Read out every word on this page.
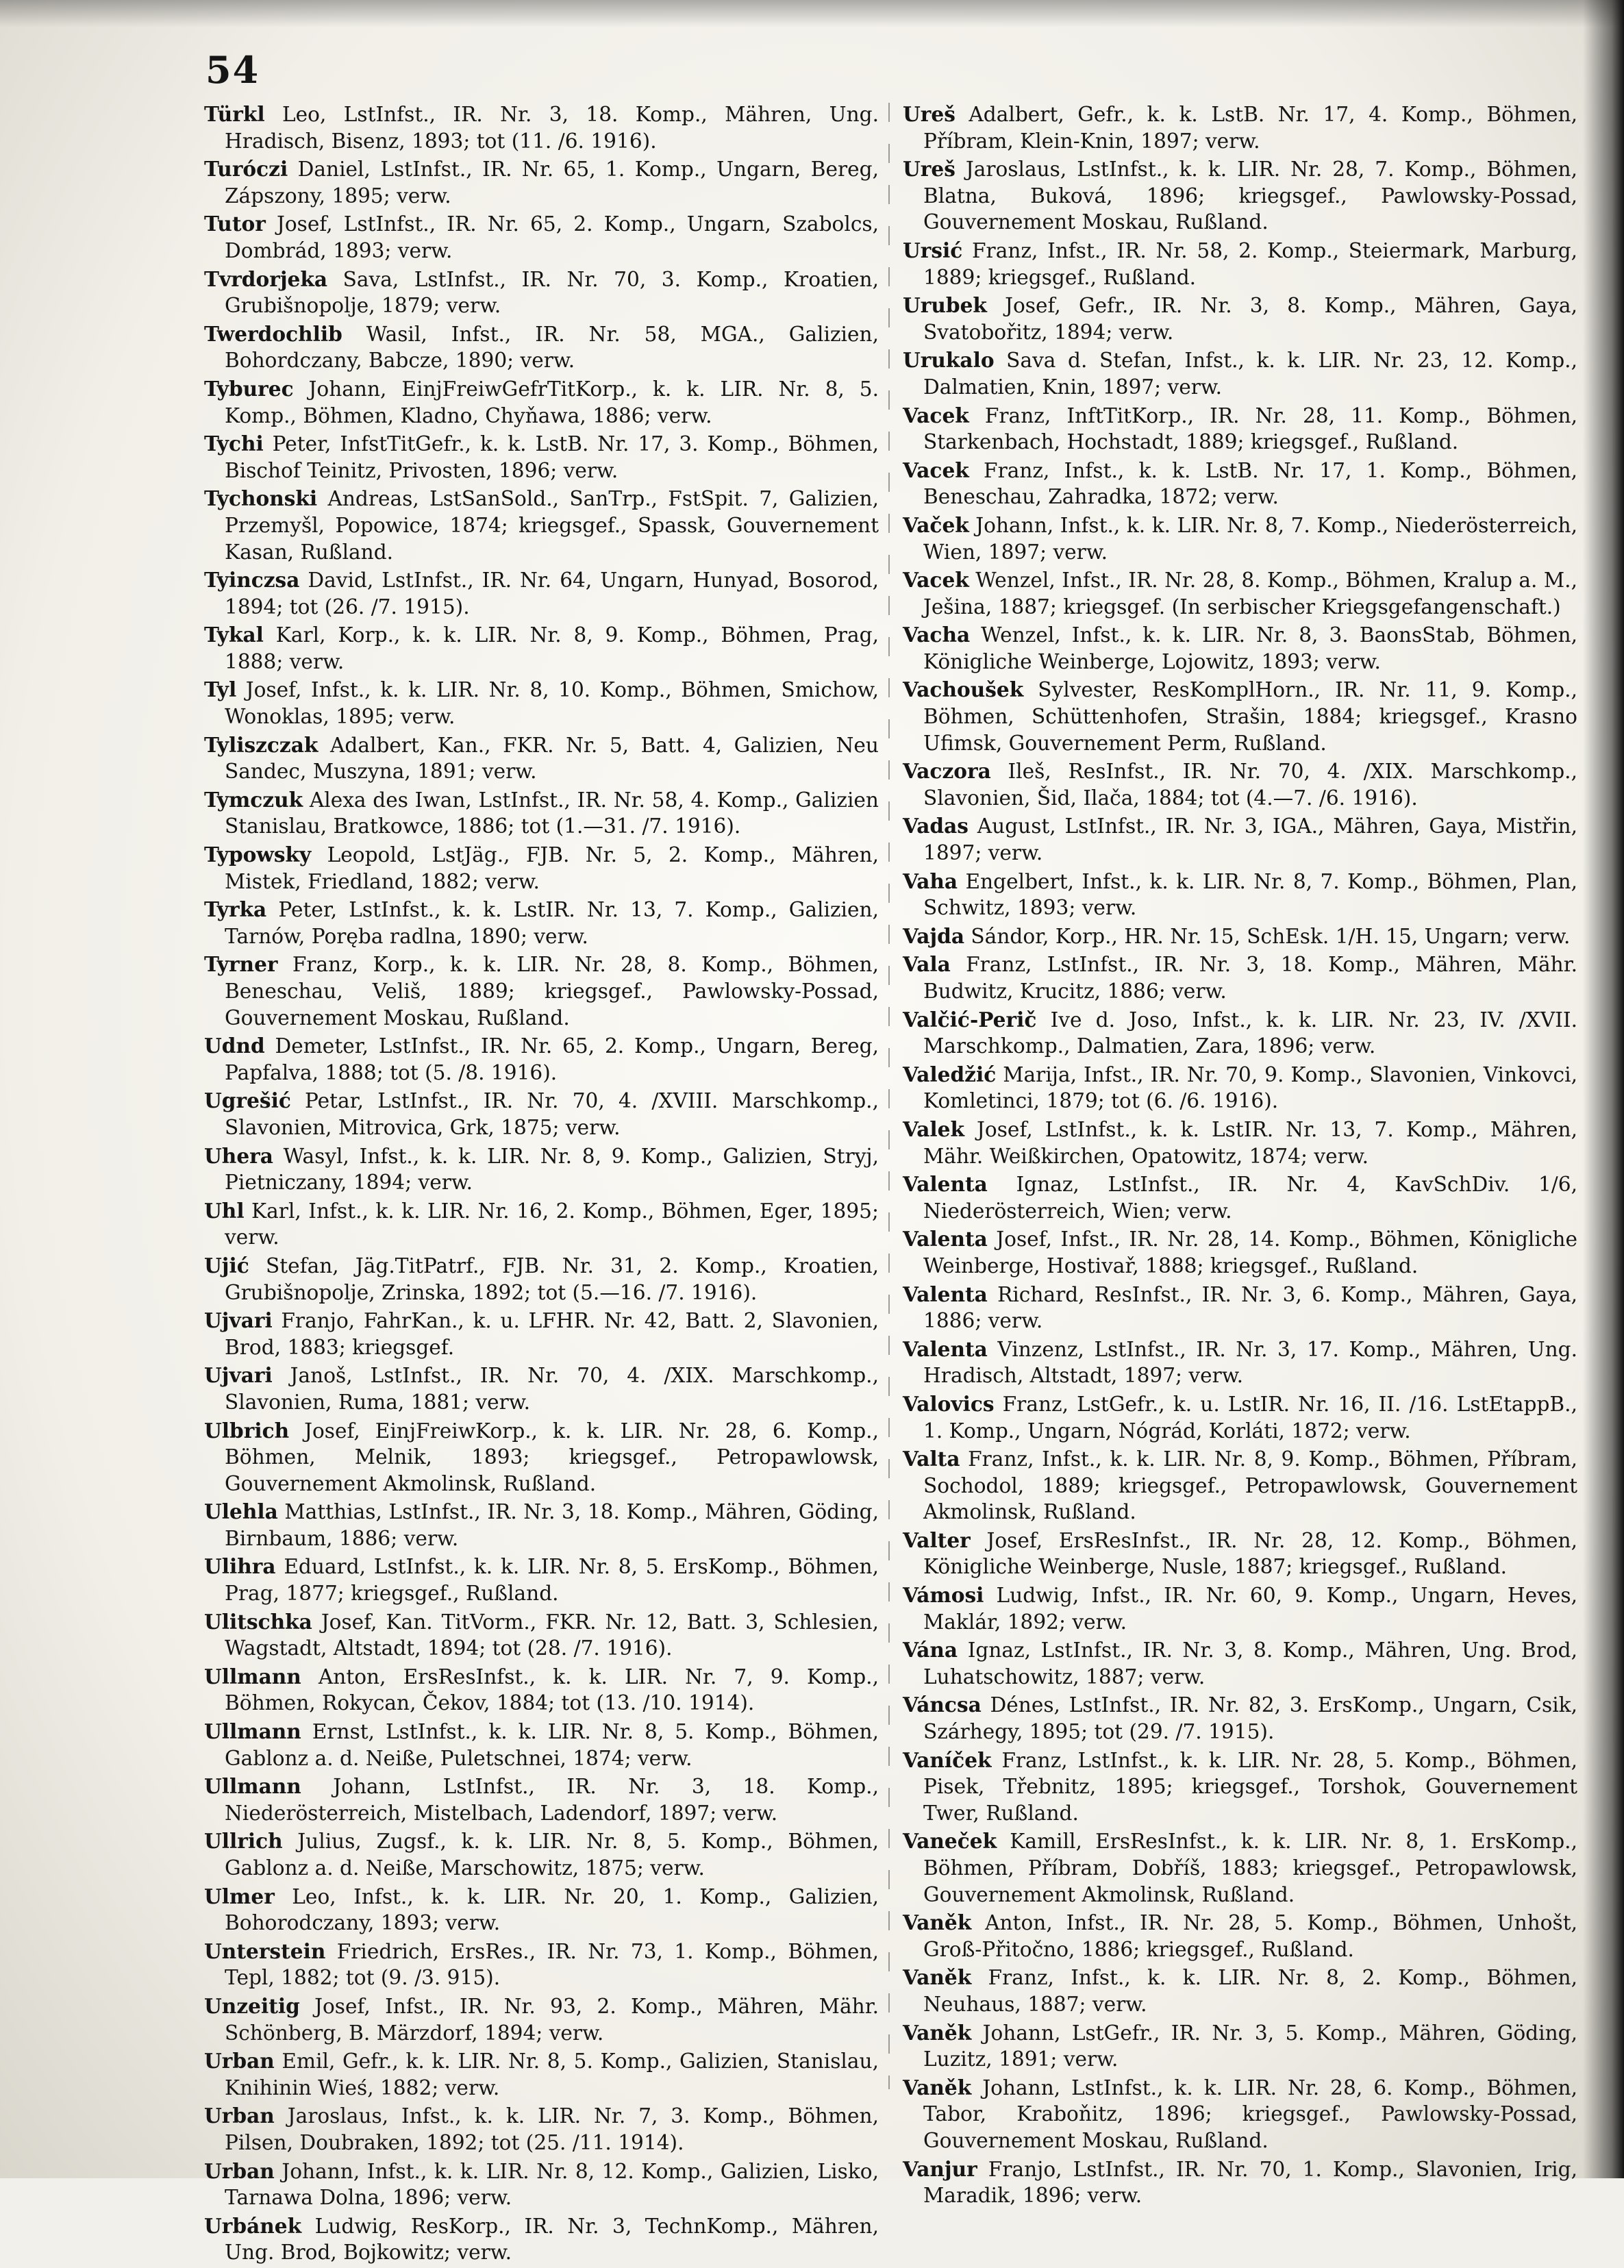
54

Türkl Leo, LstInfst., IR. Nr. 3, 18. Komp., Mähren, Ung. Hradisch, Bisenz, 1893; tot (11. /6. 1916).

Turóczi Daniel, LstInfst., IR. Nr. 65, 1. Komp., Ungarn, Bereg, Zápszony, 1895; verw.

Tutor Josef, LstInfst., IR. Nr. 65, 2. Komp., Ungarn, Szabolcs, Dombrád, 1893; verw.

Tvrdorjeka Sava, LstInfst., IR. Nr. 70, 3. Komp., Kroatien, Grubišnopolje, 1879; verw.

Twerdochlib Wasil, Infst., IR. Nr. 58, MGA., Galizien, Bohordczany, Babcze, 1890; verw.

Tyburec Johann, EinjFreiwGefrTitKorp., k. k. LIR. Nr. 8, 5. Komp., Böhmen, Kladno, Chyňawa, 1886; verw.

Tychi Peter, InfstTitGefr., k. k. LstB. Nr. 17, 3. Komp., Böhmen, Bischof Teinitz, Privosten, 1896; verw.

Tychonski Andreas, LstSanSold., SanTrp., FstSpit. 7, Galizien, Przemyšl, Popowice, 1874; kriegsgef., Spassk, Gouvernement Kasan, Rußland.

Tyinczsa David, LstInfst., IR. Nr. 64, Ungarn, Hunyad, Bosorod, 1894; tot (26. /7. 1915).

Tykal Karl, Korp., k. k. LIR. Nr. 8, 9. Komp., Böhmen, Prag, 1888; verw.

Tyl Josef, Infst., k. k. LIR. Nr. 8, 10. Komp., Böhmen, Smichow, Wonoklas, 1895; verw.

Tyliszczak Adalbert, Kan., FKR. Nr. 5, Batt. 4, Galizien, Neu Sandec, Muszyna, 1891; verw.

Tymczuk Alexa des Iwan, LstInfst., IR. Nr. 58, 4. Komp., Galizien Stanislau, Bratkowce, 1886; tot (1.—31. /7. 1916).

Typowsky Leopold, LstJäg., FJB. Nr. 5, 2. Komp., Mähren, Mistek, Friedland, 1882; verw.

Tyrka Peter, LstInfst., k. k. LstIR. Nr. 13, 7. Komp., Galizien, Tarnów, Poręba radlna, 1890; verw.

Tyrner Franz, Korp., k. k. LIR. Nr. 28, 8. Komp., Böhmen, Beneschau, Veliš, 1889; kriegsgef., Pawlowsky-Possad, Gouvernement Moskau, Rußland.

Udnd Demeter, LstInfst., IR. Nr. 65, 2. Komp., Ungarn, Bereg, Papfalva, 1888; tot (5. /8. 1916).

Ugrešić Petar, LstInfst., IR. Nr. 70, 4. /XVIII. Marschkomp., Slavonien, Mitrovica, Grk, 1875; verw.

Uhera Wasyl, Infst., k. k. LIR. Nr. 8, 9. Komp., Galizien, Stryj, Pietniczany, 1894; verw.

Uhl Karl, Infst., k. k. LIR. Nr. 16, 2. Komp., Böhmen, Eger, 1895; verw.

Ujić Stefan, Jäg.TitPatrf., FJB. Nr. 31, 2. Komp., Kroatien, Grubišnopolje, Zrinska, 1892; tot (5.—16. /7. 1916).

Ujvari Franjo, FahrKan., k. u. LFHR. Nr. 42, Batt. 2, Slavonien, Brod, 1883; kriegsgef.

Ujvari Janoš, LstInfst., IR. Nr. 70, 4. /XIX. Marschkomp., Slavonien, Ruma, 1881; verw.

Ulbrich Josef, EinjFreiwKorp., k. k. LIR. Nr. 28, 6. Komp., Böhmen, Melnik, 1893; kriegsgef., Petropawlowsk, Gouvernement Akmolinsk, Rußland.

Ulehla Matthias, LstInfst., IR. Nr. 3, 18. Komp., Mähren, Göding, Birnbaum, 1886; verw.

Ulihra Eduard, LstInfst., k. k. LIR. Nr. 8, 5. ErsKomp., Böhmen, Prag, 1877; kriegsgef., Rußland.

Ulitschka Josef, Kan. TitVorm., FKR. Nr. 12, Batt. 3, Schlesien, Wagstadt, Altstadt, 1894; tot (28. /7. 1916).

Ullmann Anton, ErsResInfst., k. k. LIR. Nr. 7, 9. Komp., Böhmen, Rokycan, Čekov, 1884; tot (13. /10. 1914).

Ullmann Ernst, LstInfst., k. k. LIR. Nr. 8, 5. Komp., Böhmen, Gablonz a. d. Neiße, Puletschnei, 1874; verw.

Ullmann Johann, LstInfst., IR. Nr. 3, 18. Komp., Niederösterreich, Mistelbach, Ladendorf, 1897; verw.

Ullrich Julius, Zugsf., k. k. LIR. Nr. 8, 5. Komp., Böhmen, Gablonz a. d. Neiße, Marschowitz, 1875; verw.

Ulmer Leo, Infst., k. k. LIR. Nr. 20, 1. Komp., Galizien, Bohorodczany, 1893; verw.

Unterstein Friedrich, ErsRes., IR. Nr. 73, 1. Komp., Böhmen, Tepl, 1882; tot (9. /3. 915).

Unzeitig Josef, Infst., IR. Nr. 93, 2. Komp., Mähren, Mähr. Schönberg, B. Märzdorf, 1894; verw.

Urban Emil, Gefr., k. k. LIR. Nr. 8, 5. Komp., Galizien, Stanislau, Knihinin Wieś, 1882; verw.

Urban Jaroslaus, Infst., k. k. LIR. Nr. 7, 3. Komp., Böhmen, Pilsen, Doubraken, 1892; tot (25. /11. 1914).

Urban Johann, Infst., k. k. LIR. Nr. 8, 12. Komp., Galizien, Lisko, Tarnawa Dolna, 1896; verw.

Urbánek Ludwig, ResKorp., IR. Nr. 3, TechnKomp., Mähren, Ung. Brod, Bojkowitz; verw.

Ureš Adalbert, Gefr., k. k. LstB. Nr. 17, 4. Komp., Böhmen, Příbram, Klein-Knin, 1897; verw.

Ureš Jaroslaus, LstInfst., k. k. LIR. Nr. 28, 7. Komp., Böhmen, Blatna, Buková, 1896; kriegsgef., Pawlowsky-Possad, Gouvernement Moskau, Rußland.

Ursić Franz, Infst., IR. Nr. 58, 2. Komp., Steiermark, Marburg, 1889; kriegsgef., Rußland.

Urubek Josef, Gefr., IR. Nr. 3, 8. Komp., Mähren, Gaya, Svatobořitz, 1894; verw.

Urukalo Sava d. Stefan, Infst., k. k. LIR. Nr. 23, 12. Komp., Dalmatien, Knin, 1897; verw.

Vacek Franz, InftTitKorp., IR. Nr. 28, 11. Komp., Böhmen, Starkenbach, Hochstadt, 1889; kriegsgef., Rußland.

Vacek Franz, Infst., k. k. LstB. Nr. 17, 1. Komp., Böhmen, Beneschau, Zahradka, 1872; verw.

Vaček Johann, Infst., k. k. LIR. Nr. 8, 7. Komp., Niederösterreich, Wien, 1897; verw.

Vacek Wenzel, Infst., IR. Nr. 28, 8. Komp., Böhmen, Kralup a. M., Ješina, 1887; kriegsgef. (In serbischer Kriegsgefangenschaft.)

Vacha Wenzel, Infst., k. k. LIR. Nr. 8, 3. BaonsStab, Böhmen, Königliche Weinberge, Lojowitz, 1893; verw.

Vachoušek Sylvester, ResKomplHorn., IR. Nr. 11, 9. Komp., Böhmen, Schüttenhofen, Strašin, 1884; kriegsgef., Krasno Ufimsk, Gouvernement Perm, Rußland.

Vaczora Ileš, ResInfst., IR. Nr. 70, 4. /XIX. Marschkomp., Slavonien, Šid, Ilača, 1884; tot (4.—7. /6. 1916).

Vadas August, LstInfst., IR. Nr. 3, IGA., Mähren, Gaya, Mistřin, 1897; verw.

Vaha Engelbert, Infst., k. k. LIR. Nr. 8, 7. Komp., Böhmen, Plan, Schwitz, 1893; verw.

Vajda Sándor, Korp., HR. Nr. 15, SchEsk. 1/H. 15, Ungarn; verw.

Vala Franz, LstInfst., IR. Nr. 3, 18. Komp., Mähren, Mähr. Budwitz, Krucitz, 1886; verw.

Valčić-Perič Ive d. Joso, Infst., k. k. LIR. Nr. 23, IV. /XVII. Marschkomp., Dalmatien, Zara, 1896; verw.

Valedžić Marija, Infst., IR. Nr. 70, 9. Komp., Slavonien, Vinkovci, Komletinci, 1879; tot (6. /6. 1916).

Valek Josef, LstInfst., k. k. LstIR. Nr. 13, 7. Komp., Mähren, Mähr. Weißkirchen, Opatowitz, 1874; verw.

Valenta Ignaz, LstInfst., IR. Nr. 4, KavSchDiv. 1/6, Niederösterreich, Wien; verw.

Valenta Josef, Infst., IR. Nr. 28, 14. Komp., Böhmen, Königliche Weinberge, Hostivař, 1888; kriegsgef., Rußland.

Valenta Richard, ResInfst., IR. Nr. 3, 6. Komp., Mähren, Gaya, 1886; verw.

Valenta Vinzenz, LstInfst., IR. Nr. 3, 17. Komp., Mähren, Ung. Hradisch, Altstadt, 1897; verw.

Valovics Franz, LstGefr., k. u. LstIR. Nr. 16, II. /16. LstEtappB., 1. Komp., Ungarn, Nógrád, Korláti, 1872; verw.

Valta Franz, Infst., k. k. LIR. Nr. 8, 9. Komp., Böhmen, Příbram, Sochodol, 1889; kriegsgef., Petropawlowsk, Gouvernement Akmolinsk, Rußland.

Valter Josef, ErsResInfst., IR. Nr. 28, 12. Komp., Böhmen, Königliche Weinberge, Nusle, 1887; kriegsgef., Rußland.

Vámosi Ludwig, Infst., IR. Nr. 60, 9. Komp., Ungarn, Heves, Maklár, 1892; verw.

Vána Ignaz, LstInfst., IR. Nr. 3, 8. Komp., Mähren, Ung. Brod, Luhatschowitz, 1887; verw.

Váncsa Dénes, LstInfst., IR. Nr. 82, 3. ErsKomp., Ungarn, Csik, Szárhegy, 1895; tot (29. /7. 1915).

Vaníček Franz, LstInfst., k. k. LIR. Nr. 28, 5. Komp., Böhmen, Pisek, Třebnitz, 1895; kriegsgef., Torshok, Gouvernement Twer, Rußland.

Vaneček Kamill, ErsResInfst., k. k. LIR. Nr. 8, 1. ErsKomp., Böhmen, Příbram, Dobříš, 1883; kriegsgef., Petropawlowsk, Gouvernement Akmolinsk, Rußland.

Vaněk Anton, Infst., IR. Nr. 28, 5. Komp., Böhmen, Unhošt, Groß-Přitočno, 1886; kriegsgef., Rußland.

Vaněk Franz, Infst., k. k. LIR. Nr. 8, 2. Komp., Böhmen, Neuhaus, 1887; verw.

Vaněk Johann, LstGefr., IR. Nr. 3, 5. Komp., Mähren, Göding, Luzitz, 1891; verw.

Vaněk Johann, LstInfst., k. k. LIR. Nr. 28, 6. Komp., Böhmen, Tabor, Kraboňitz, 1896; kriegsgef., Pawlowsky-Possad, Gouvernement Moskau, Rußland.

Vanjur Franjo, LstInfst., IR. Nr. 70, 1. Komp., Slavonien, Irig, Maradik, 1896; verw.
